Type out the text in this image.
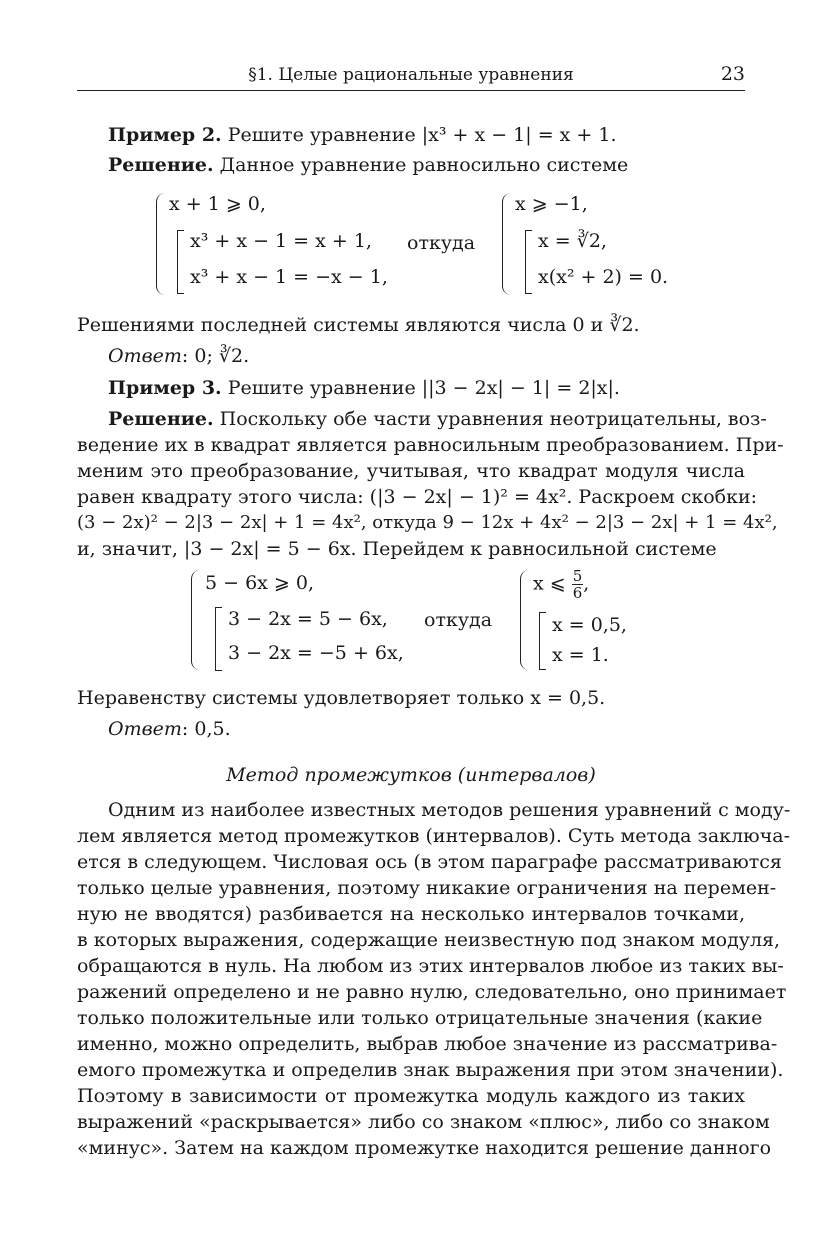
§1. Целые рациональные уравнения	23
Пример 2. Решите уравнение |x³ + x − 1| = x + 1.
Решение. Данное уравнение равносильно системе
x + 1 ⩾ 0,
x³ + x − 1 = x + 1,
x³ + x − 1 = −x − 1,
откуда
x ⩾ −1,
x = ∛2,
x(x² + 2) = 0.
Решениями последней системы являются числа 0 и ∛2.
Ответ: 0; ∛2.
Пример 3. Решите уравнение ||3 − 2x| − 1| = 2|x|.
Решение. Поскольку обе части уравнения неотрицательны, воз-
ведение их в квадрат является равносильным преобразованием. При-
меним это преобразование, учитывая, что квадрат модуля числа
равен квадрату этого числа: (|3 − 2x| − 1)² = 4x². Раскроем скобки:
(3 − 2x)² − 2|3 − 2x| + 1 = 4x², откуда 9 − 12x + 4x² − 2|3 − 2x| + 1 = 4x²,
и, значит, |3 − 2x| = 5 − 6x. Перейдем к равносильной системе
5 − 6x ⩾ 0,
3 − 2x = 5 − 6x,
3 − 2x = −5 + 6x,
откуда
x ⩽ $\frac{5}{6}$ ,
x = 0,5,
x = 1.
Неравенству системы удовлетворяет только x = 0,5.
Ответ: 0,5.
Метод промежутков (интервалов)
Одним из наиболее известных методов решения уравнений с моду-
лем является метод промежутков (интервалов). Суть метода заключа-
ется в следующем. Числовая ось (в этом параграфе рассматриваются
только целые уравнения, поэтому никакие ограничения на перемен-
ную не вводятся) разбивается на несколько интервалов точками,
в которых выражения, содержащие неизвестную под знаком модуля,
обращаются в нуль. На любом из этих интервалов любое из таких вы-
ражений определено и не равно нулю, следовательно, оно принимает
только положительные или только отрицательные значения (какие
именно, можно определить, выбрав любое значение из рассматрива-
емого промежутка и определив знак выражения при этом значении).
Поэтому в зависимости от промежутка модуль каждого из таких
выражений «раскрывается» либо со знаком «плюс», либо со знаком
«минус». Затем на каждом промежутке находится решение данного
